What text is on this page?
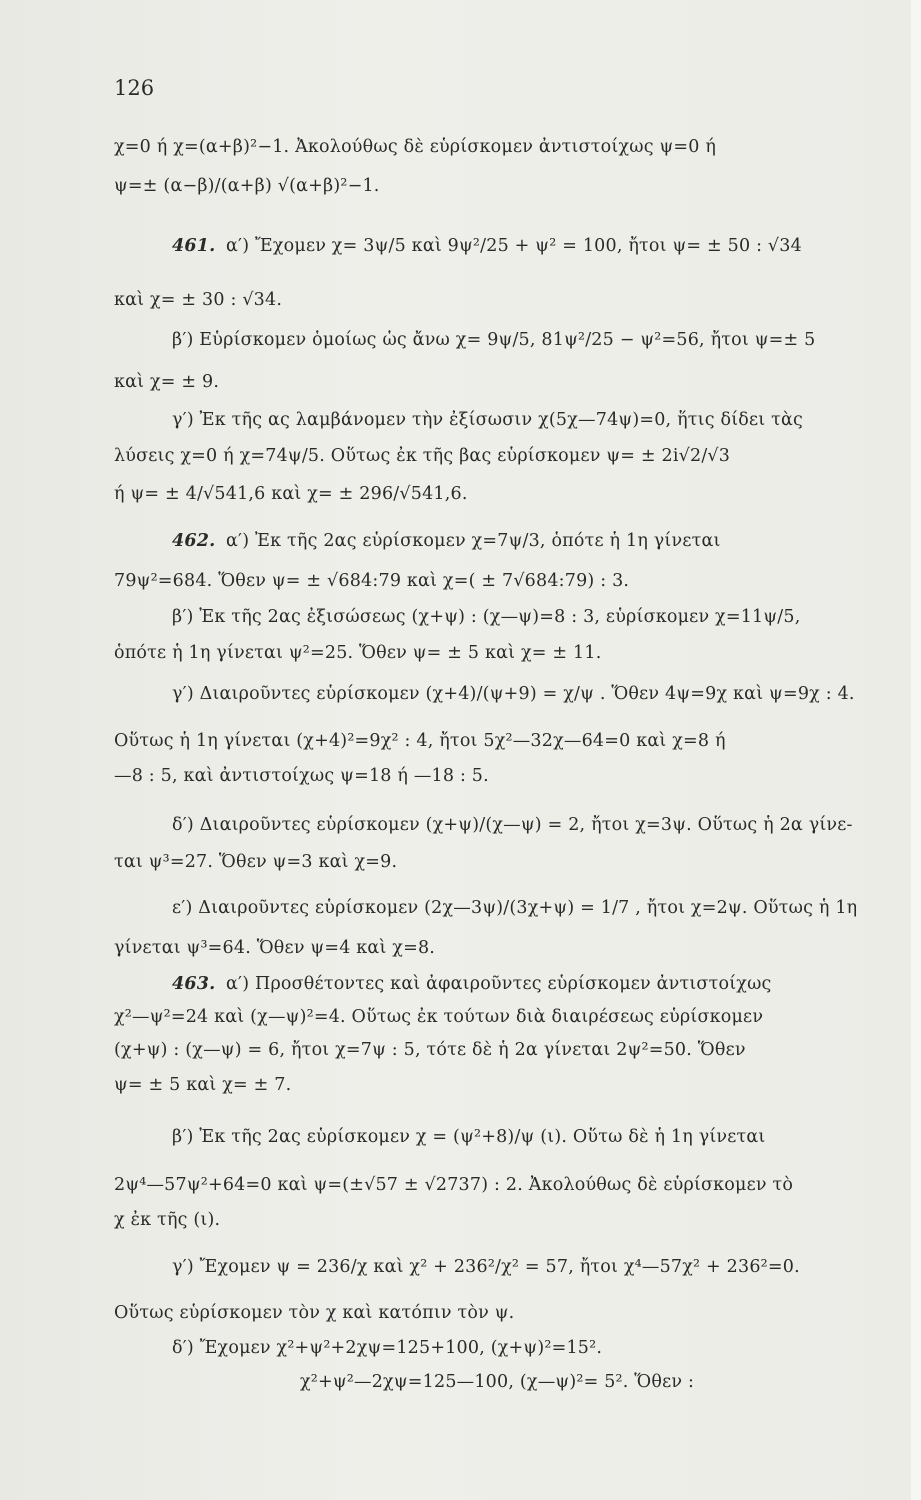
126
χ=0 ή χ=(α+β)²−1. Ἀκολούθως δὲ εὑρίσκομεν ἀντιστοίχως ψ=0 ή
ψ=± (α−β)/(α+β) √(α+β)²−1.
461. α′) Ἔχομεν χ= 3ψ/5 καὶ 9ψ²/25 + ψ² = 100, ἤτοι ψ= ± 50 : √34
καὶ χ= ± 30 : √34.
β′) Εὑρίσκομεν ὁμοίως ὡς ἄνω χ= 9ψ/5, 81ψ²/25 − ψ²=56, ἤτοι ψ=± 5
καὶ χ= ± 9.
γ′) Ἐκ τῆς ας λαμβάνομεν τὴν ἐξίσωσιν χ(5χ—74ψ)=0, ἥτις δίδει τὰς
λύσεις χ=0 ή χ=74ψ/5. Οὕτως ἐκ τῆς βας εὑρίσκομεν ψ= ± 2i√2/√3
ή ψ= ± 4/√541,6 καὶ χ= ± 296/√541,6.
462. α′) Ἐκ τῆς 2ας εὑρίσκομεν χ=7ψ/3, ὁπότε ἡ 1η γίνεται
79ψ²=684. Ὅθεν ψ= ± √684:79 καὶ χ=( ± 7√684:79) : 3.
β′) Ἐκ τῆς 2ας ἐξισώσεως (χ+ψ) : (χ—ψ)=8 : 3, εὑρίσκομεν χ=11ψ/5,
ὁπότε ἡ 1η γίνεται ψ²=25. Ὅθεν ψ= ± 5 καὶ χ= ± 11.
γ′) Διαιροῦντες εὑρίσκομεν (χ+4)/(ψ+9) = χ/ψ . Ὅθεν 4ψ=9χ καὶ ψ=9χ : 4.
Οὕτως ἡ 1η γίνεται (χ+4)²=9χ² : 4, ἤτοι 5χ²—32χ—64=0 καὶ χ=8 ή
—8 : 5, καὶ ἀντιστοίχως ψ=18 ή —18 : 5.
δ′) Διαιροῦντες εὑρίσκομεν (χ+ψ)/(χ—ψ) = 2, ἤτοι χ=3ψ. Οὕτως ἡ 2α γίνε-
ται ψ³=27. Ὅθεν ψ=3 καὶ χ=9.
ε′) Διαιροῦντες εὑρίσκομεν (2χ—3ψ)/(3χ+ψ) = 1/7 , ἤτοι χ=2ψ. Οὕτως ἡ 1η
γίνεται ψ³=64. Ὅθεν ψ=4 καὶ χ=8.
463. α′) Προσθέτοντες καὶ ἀφαιροῦντες εὑρίσκομεν ἀντιστοίχως
χ²—ψ²=24 καὶ (χ—ψ)²=4. Οὕτως ἐκ τούτων διὰ διαιρέσεως εὑρίσκομεν
(χ+ψ) : (χ—ψ) = 6, ἤτοι χ=7ψ : 5, τότε δὲ ἡ 2α γίνεται 2ψ²=50. Ὅθεν
ψ= ± 5 καὶ χ= ± 7.
β′) Ἐκ τῆς 2ας εὑρίσκομεν χ = (ψ²+8)/ψ (ι). Οὕτω δὲ ἡ 1η γίνεται
2ψ⁴—57ψ²+64=0 καὶ ψ=(±√57 ± √2737) : 2. Ἀκολούθως δὲ εὑρίσκομεν τὸ
χ ἐκ τῆς (ι).
γ′) Ἔχομεν ψ = 236/χ καὶ χ² + 236²/χ² = 57, ἤτοι χ⁴—57χ² + 236²=0.
Οὕτως εὑρίσκομεν τὸν χ καὶ κατόπιν τὸν ψ.
δ′) Ἔχομεν χ²+ψ²+2χψ=125+100, (χ+ψ)²=15².
χ²+ψ²—2χψ=125—100, (χ—ψ)²= 5². Ὅθεν :
